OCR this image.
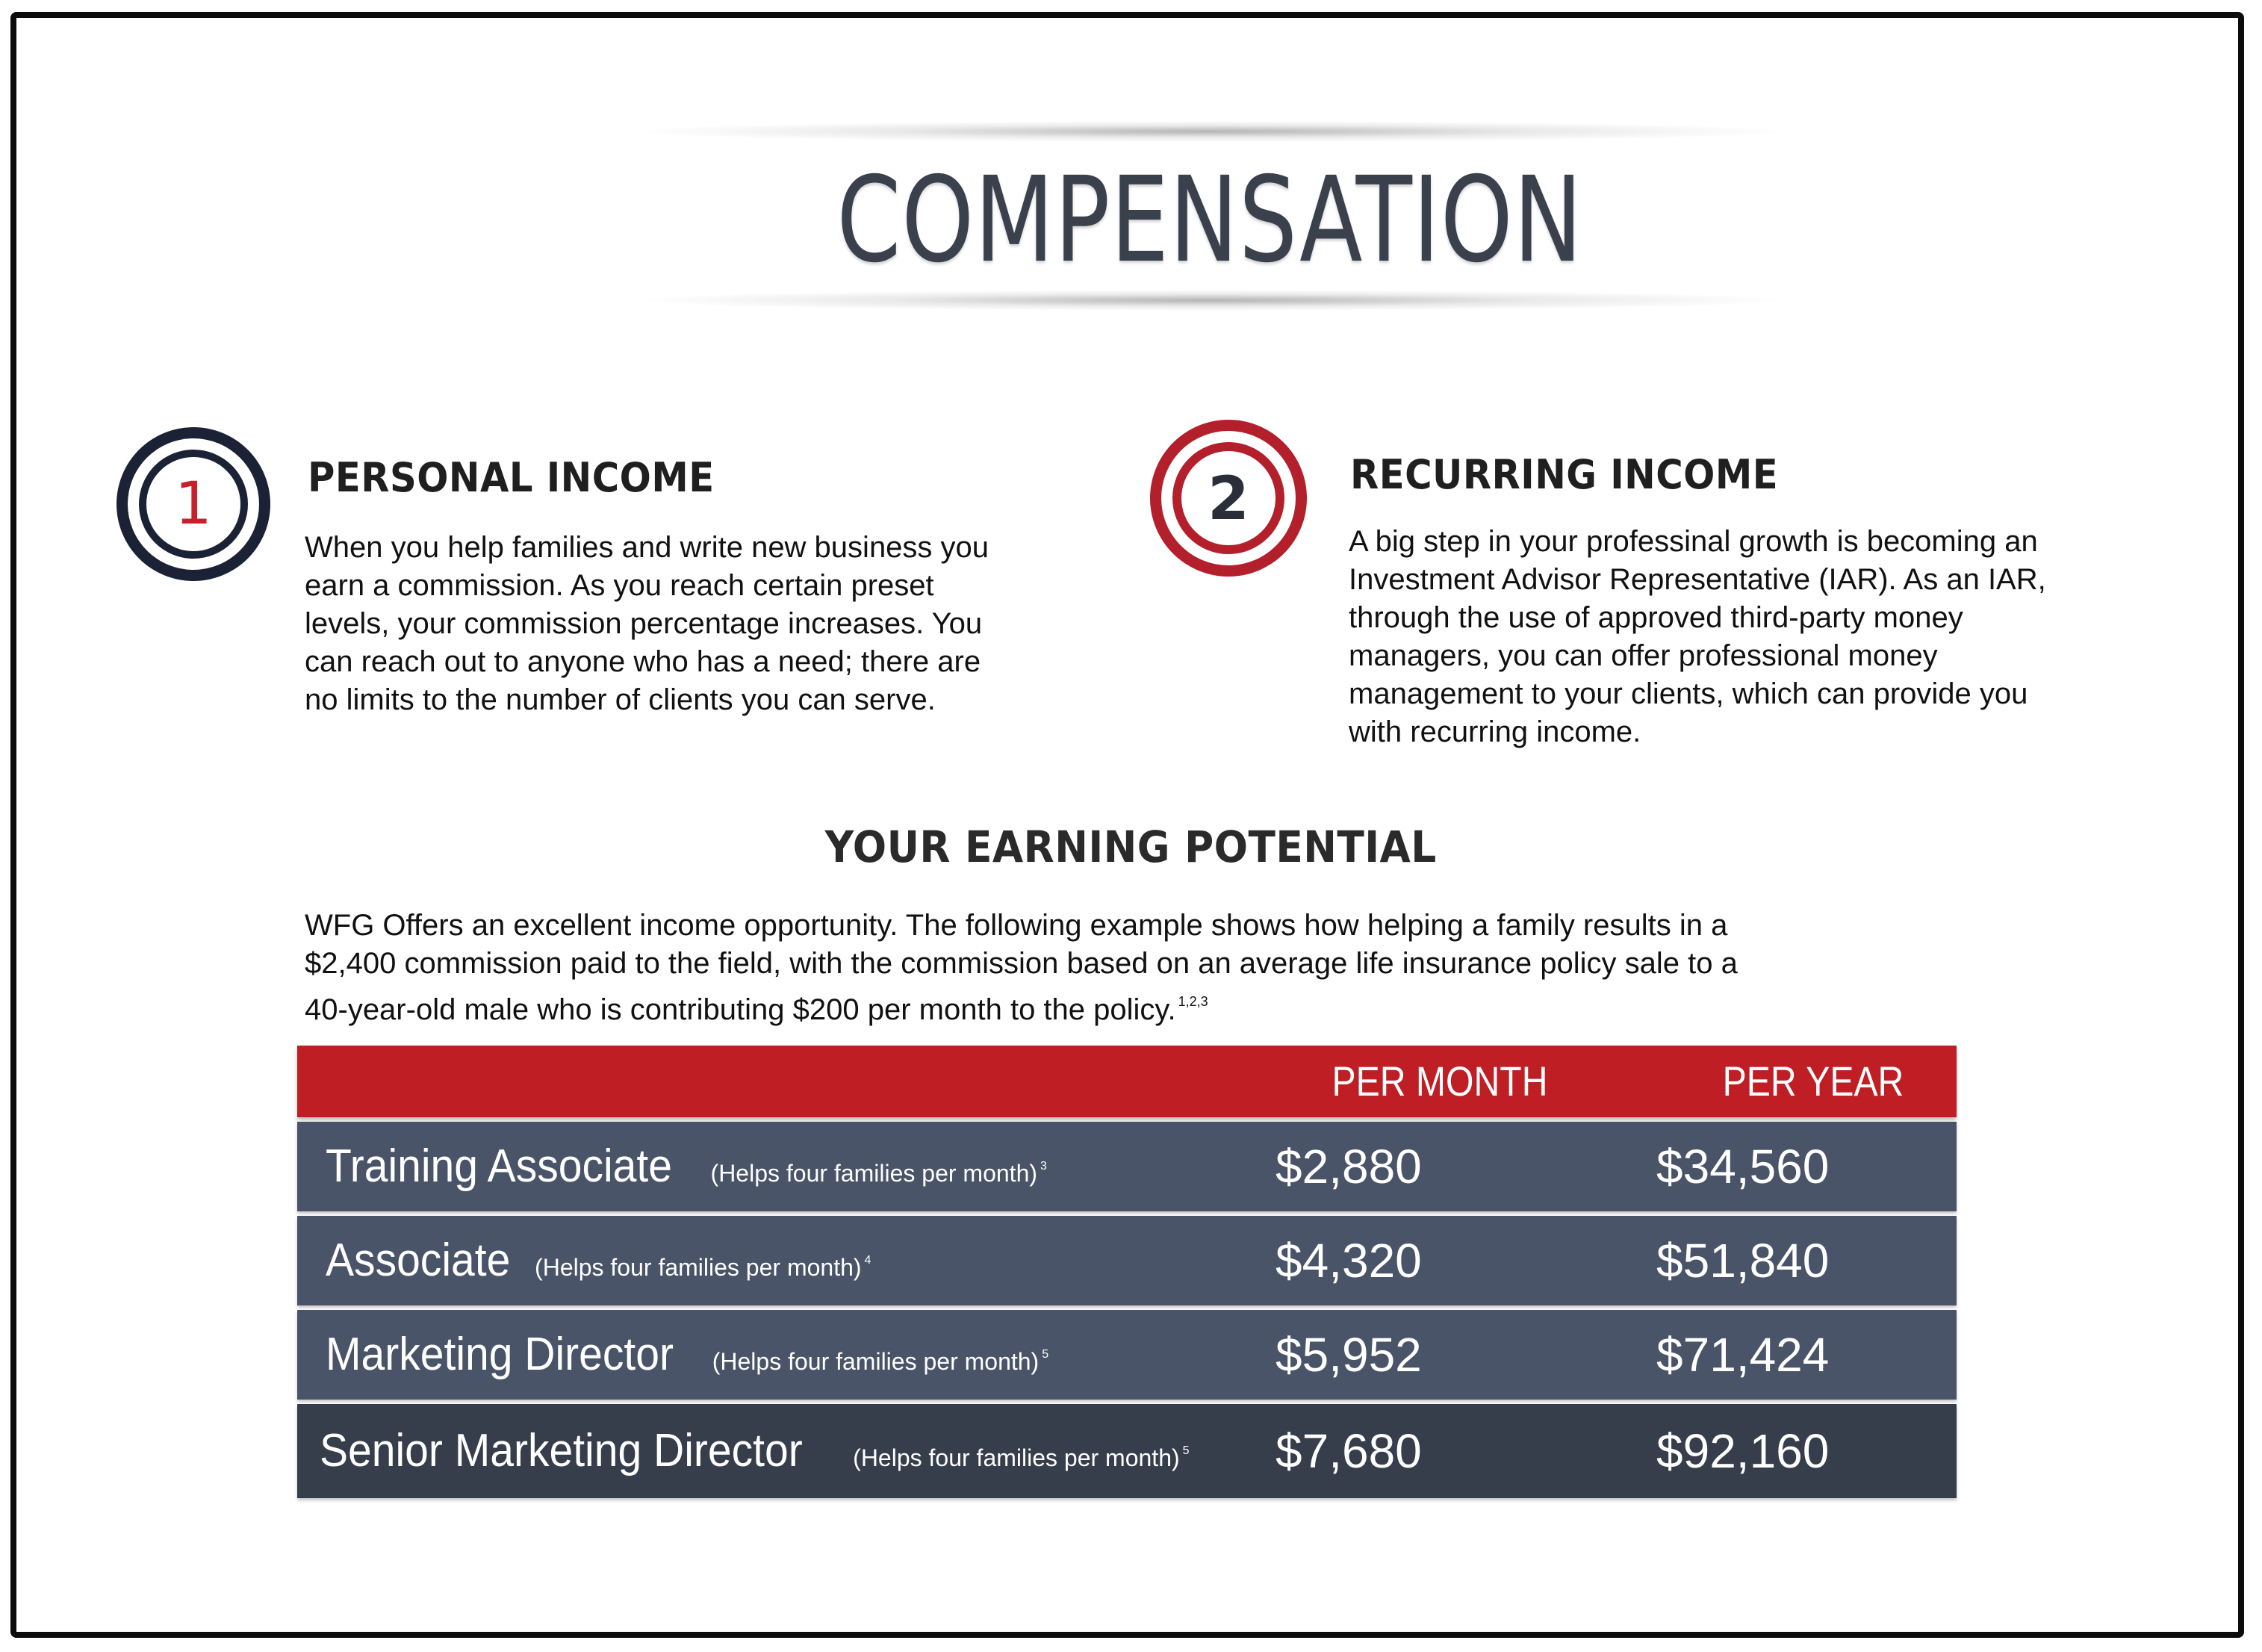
COMPENSATION
1	PERSONAL INCOME

When you help families and write new business you

earn a commission. As you reach certain preset

levels, your commission percentage increases. You

can reach out to anyone who has a need; there are

no limits to the number of clients you can serve.

2	RECURRING INCOME

A big step in your professinal growth is becoming an

Investment Advisor Representative (IAR). As an IAR,

through the use of approved third-party money

managers, you can offer professional money

management to your clients, which can provide you

with recurring income.

YOUR EARNING POTENTIAL

WFG Offers an excellent income opportunity. The following example shows how helping a family results in a

$2,400 commission paid to the field, with the commission based on an average life insurance policy sale to a

40-year-old male who is contributing $200 per month to the policy. $^{1,2,3}$

PER MONTH	PER YEAR
Training Associate (Helps four families per month) $^3$	$2,880	$34,560
Associate (Helps four families per month) $^4$	$4,320	$51,840
Marketing Director (Helps four families per month) $^5$	$5,952	$71,424
Senior Marketing Director (Helps four families per month) $^5$ $7,680	$92,160
